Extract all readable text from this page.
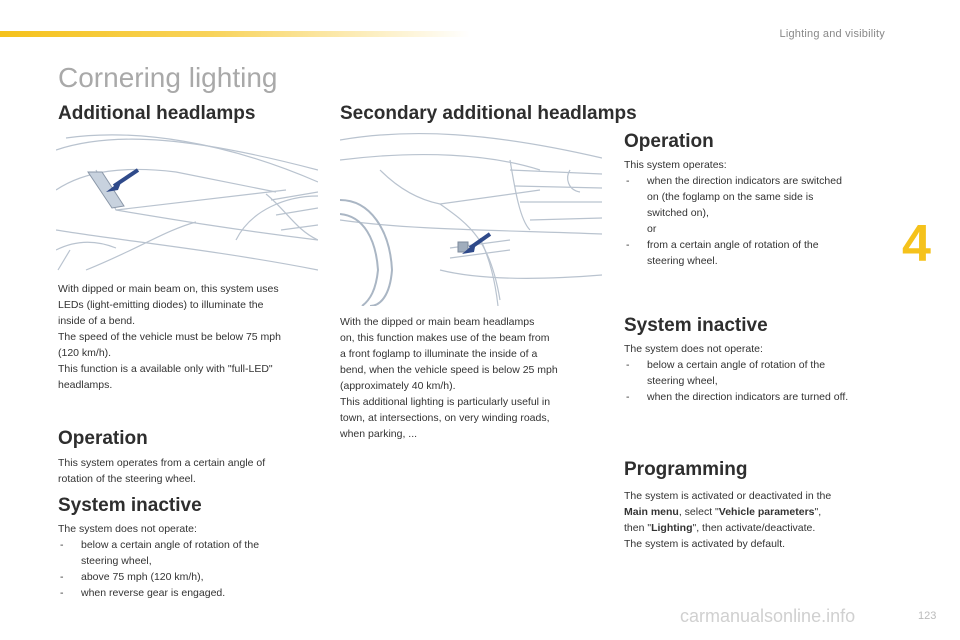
Lighting and visibility
Cornering lighting
Additional headlamps
With dipped or main beam on, this system uses
LEDs (light-emitting diodes) to illuminate the
inside of a bend.
The speed of the vehicle must be below 75 mph
(120 km/h).
This function is a available only with "full-LED"
headlamps.
Operation
This system operates from a certain angle of
rotation of the steering wheel.
System inactive
The system does not operate:
- below a certain angle of rotation of the
steering wheel,
- above 75 mph (120 km/h),
- when reverse gear is engaged.
Secondary additional headlamps
With the dipped or main beam headlamps
on, this function makes use of the beam from
a front foglamp to illuminate the inside of a
bend, when the vehicle speed is below 25 mph
(approximately 40 km/h).
This additional lighting is particularly useful in
town, at intersections, on very winding roads,
when parking, ...
Operation
This system operates:
- when the direction indicators are switched
on (the foglamp on the same side is
switched on),
or
- from a certain angle of rotation of the
steering wheel.
System inactive
The system does not operate:
- below a certain angle of rotation of the
steering wheel,
- when the direction indicators are turned off.
Programming
The system is activated or deactivated in the
Main menu, select "Vehicle parameters",
then "Lighting", then activate/deactivate.
The system is activated by default.
4
carmanualsonline.info	123
